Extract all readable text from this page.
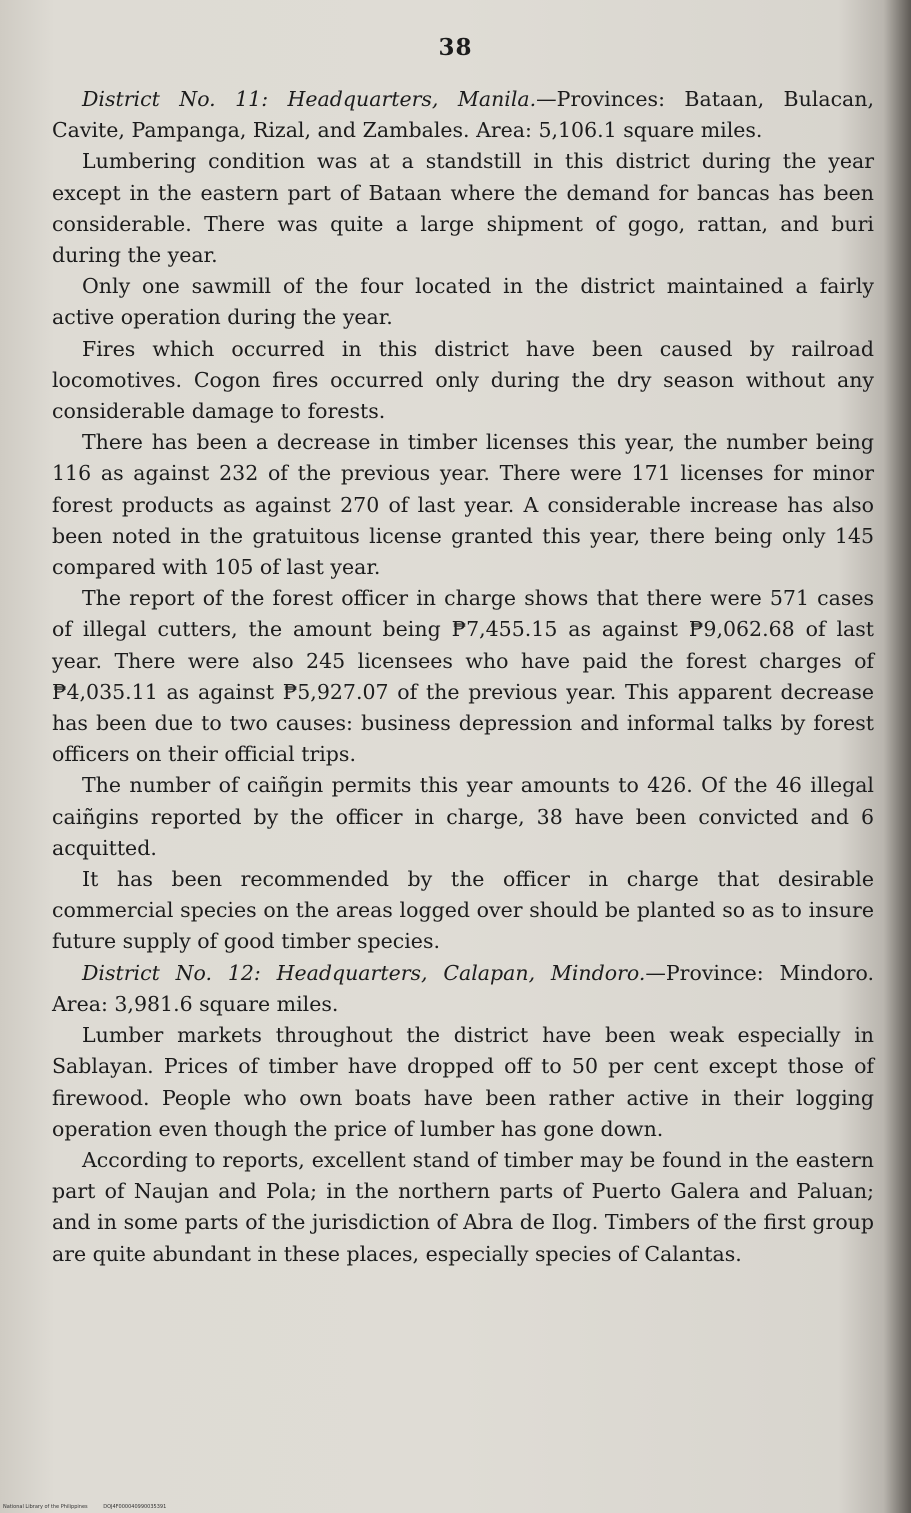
38

District No. 11: Headquarters, Manila.—Provinces: Bataan, Bulacan, Cavite, Pampanga, Rizal, and Zambales. Area: 5,106.1 square miles.

Lumbering condition was at a standstill in this district during the year except in the eastern part of Bataan where the demand for bancas has been considerable. There was quite a large shipment of gogo, rattan, and buri during the year.

Only one sawmill of the four located in the district maintained a fairly active operation during the year.

Fires which occurred in this district have been caused by railroad locomotives. Cogon fires occurred only during the dry season without any considerable damage to forests.

There has been a decrease in timber licenses this year, the number being 116 as against 232 of the previous year. There were 171 licenses for minor forest products as against 270 of last year. A considerable increase has also been noted in the gratuitous license granted this year, there being only 145 compared with 105 of last year.

The report of the forest officer in charge shows that there were 571 cases of illegal cutters, the amount being ₱7,455.15 as against ₱9,062.68 of last year. There were also 245 licensees who have paid the forest charges of ₱4,035.11 as against ₱5,927.07 of the previous year. This apparent decrease has been due to two causes: business depression and informal talks by forest officers on their official trips.

The number of caiñgin permits this year amounts to 426. Of the 46 illegal caiñgins reported by the officer in charge, 38 have been convicted and 6 acquitted.

It has been recommended by the officer in charge that desirable commercial species on the areas logged over should be planted so as to insure future supply of good timber species.

District No. 12: Headquarters, Calapan, Mindoro.—Province: Mindoro. Area: 3,981.6 square miles.

Lumber markets throughout the district have been weak especially in Sablayan. Prices of timber have dropped off to 50 per cent except those of firewood. People who own boats have been rather active in their logging operation even though the price of lumber has gone down.

According to reports, excellent stand of timber may be found in the eastern part of Naujan and Pola; in the northern parts of Puerto Galera and Paluan; and in some parts of the jurisdiction of Abra de Ilog. Timbers of the first group are quite abundant in these places, especially species of Calantas.

National Library of the Philippines	DOJ4F000040990035391
